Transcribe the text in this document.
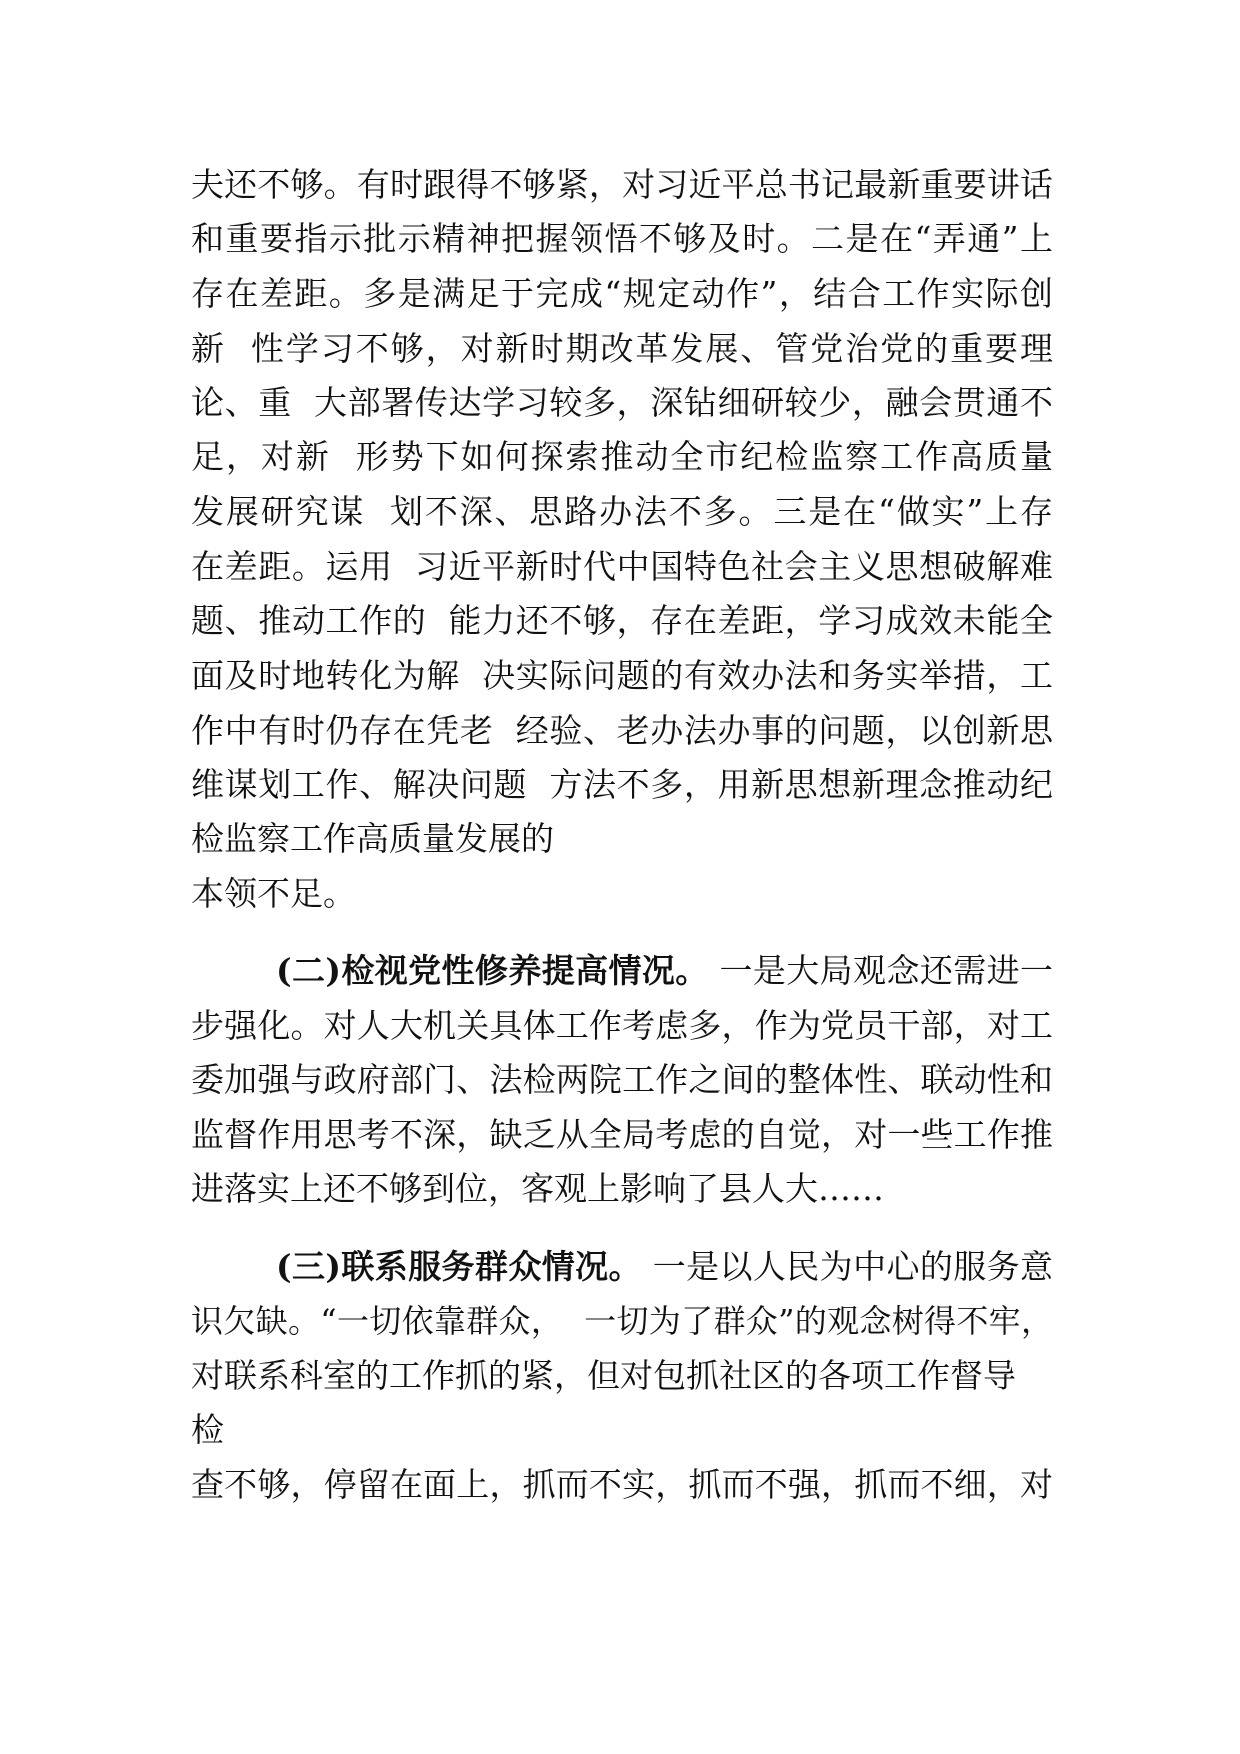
夫还不够。有时跟得不够紧，对习近平总书记最新重要讲话
和重要指示批示精神把握领悟不够及时。二是在“弄通”上
存在差距。多是满足于完成“规定动作”，结合工作实际创
新  性学习不够，对新时期改革发展、管党治党的重要理
论、重  大部署传达学习较多，深钻细研较少，融会贯通不
足，对新  形势下如何探索推动全市纪检监察工作高质量
发展研究谋  划不深、思路办法不多。三是在“做实”上存
在差距。运用  习近平新时代中国特色社会主义思想破解难
题、推动工作的  能力还不够，存在差距，学习成效未能全
面及时地转化为解  决实际问题的有效办法和务实举措，工
作中有时仍存在凭老  经验、老办法办事的问题，以创新思
维谋划工作、解决问题  方法不多，用新思想新理念推动纪
检监察工作高质量发展的
本领不足。
(二)检视党性修养提高情况。 一是大局观念还需进一
步强化。对人大机关具体工作考虑多，作为党员干部，对工
委加强与政府部门、法检两院工作之间的整体性、联动性和
监督作用思考不深，缺乏从全局考虑的自觉，对一些工作推
进落实上还不够到位，客观上影响了县人大……
(三)联系服务群众情况。 一是以人民为中心的服务意
识欠缺。“一切依靠群众，  一切为了群众”的观念树得不牢，
对联系科室的工作抓的紧，但对包抓社区的各项工作督导
检
查不够，停留在面上，抓而不实，抓而不强，抓而不细，对
